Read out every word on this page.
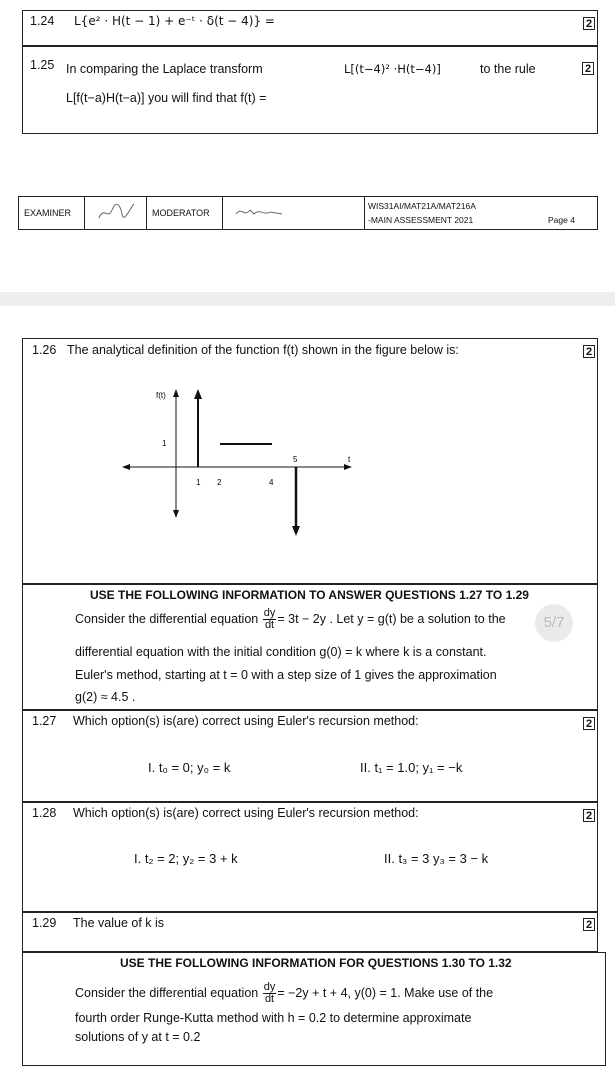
1.24 L{e² · H(t − 1) + e⁻ᵗ · δ(t − 4)} =	2
1.25 In comparing the Laplace transform	L[(t−4)² ·H(t−4)]	to the rule	2
L[f(t−a)H(t−a)] you will find that f(t) =
EXAMINER	MODERATOR
WIS31AI/MAT21A/MAT216A
-MAIN ASSESSMENT 2021	Page 4
1.26 The analytical definition of the function f(t) shown in the figure below is:	2
f(t)
t
1
1 2	4
5
USE THE FOLLOWING INFORMATION TO ANSWER QUESTIONS 1.27 TO 1.29
Consider the differential equation $\frac{dy}{dt} = 3t - 2y$ . Let y = g(t) be a solution to the	5/7
differential equation with the initial condition g(0) = k where k is a constant.
Euler's method, starting at t = 0 with a step size of 1 gives the approximation
g(2) ≈ 4.5 .
1.27 Which option(s) is(are) correct using Euler's recursion method:	2
I. t₀ = 0; y₀ = k	II. t₁ = 1.0; y₁ = −k
1.28 Which option(s) is(are) correct using Euler's recursion method:	2
I. t₂ = 2; y₂ = 3 + k	II. t₃ = 3 y₃ = 3 − k
1.29 The value of k is	2
USE THE FOLLOWING INFORMATION FOR QUESTIONS 1.30 TO 1.32
Consider the differential equation $\frac{dy}{dt} = -2y + t + 4$, y(0) = 1. Make use of the
fourth order Runge-Kutta method with h = 0.2 to determine approximate
solutions of y at t = 0.2
